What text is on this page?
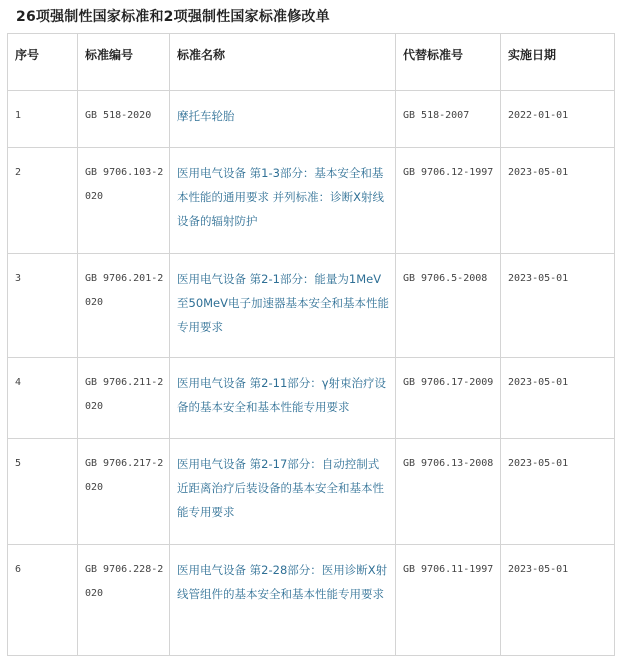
26项强制性国家标准和2项强制性国家标准修改单
序号	标准编号	标准名称	代替标准号	实施日期

1	GB 518-2020	摩托车轮胎	GB 518-2007	2022-01-01

2	GB 9706.103-2020	医用电气设备 第1-3部分：基本安全和基本性能的通用要求 并列标准：诊断X射线设备的辐射防护	GB 9706.12-1997	2023-05-01

3	GB 9706.201-2020	医用电气设备 第2-1部分：能量为1MeV至50MeV电子加速器基本安全和基本性能专用要求	GB 9706.5-2008	2023-05-01

4	GB 9706.211-2020	医用电气设备 第2-11部分：γ射束治疗设备的基本安全和基本性能专用要求	GB 9706.17-2009	2023-05-01

5	GB 9706.217-2020	医用电气设备 第2-17部分：自动控制式近距离治疗后装设备的基本安全和基本性能专用要求	GB 9706.13-2008	2023-05-01

6	GB 9706.228-2020	医用电气设备 第2-28部分：医用诊断X射线管组件的基本安全和基本性能专用要求	GB 9706.11-1997	2023-05-01
